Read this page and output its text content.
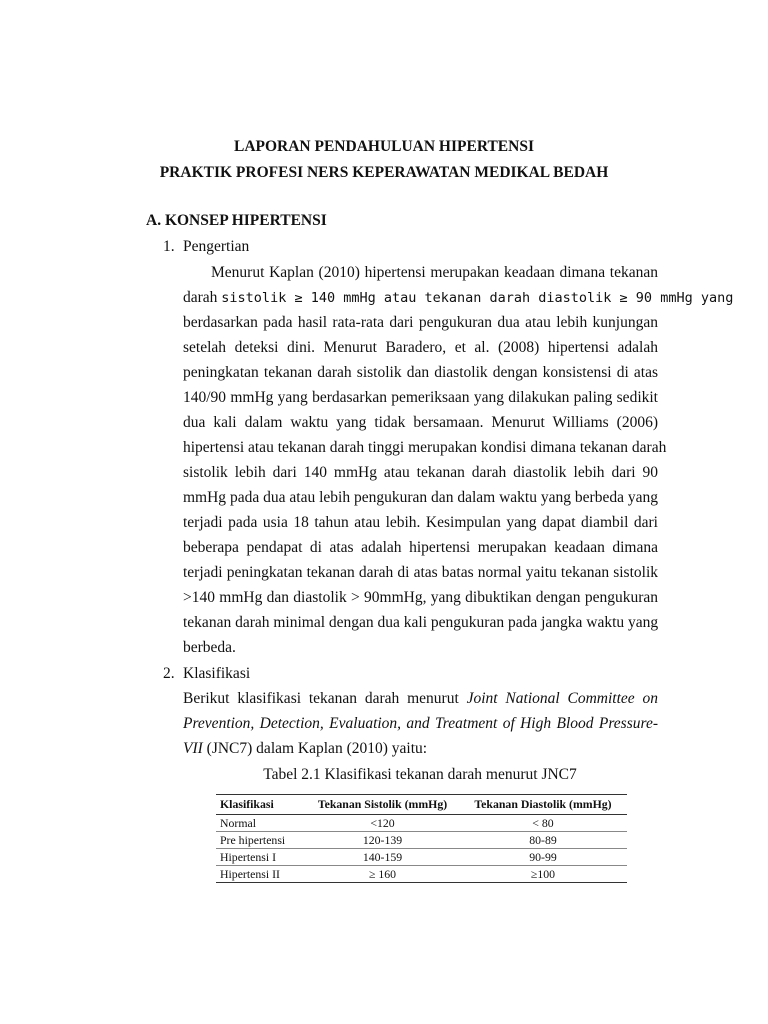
LAPORAN PENDAHULUAN HIPERTENSI
PRAKTIK PROFESI NERS KEPERAWATAN MEDIKAL BEDAH
A. KONSEP HIPERTENSI
1. Pengertian
Menurut Kaplan (2010) hipertensi merupakan keadaan dimana tekanan
darah sistolik ≥ 140 mmHg atau tekanan darah diastolik ≥ 90 mmHg yang
berdasarkan pada hasil rata-rata dari pengukuran dua atau lebih kunjungan
setelah deteksi dini. Menurut Baradero, et al. (2008) hipertensi adalah
peningkatan tekanan darah sistolik dan diastolik dengan konsistensi di atas
140/90 mmHg yang berdasarkan pemeriksaan yang dilakukan paling sedikit
dua kali dalam waktu yang tidak bersamaan. Menurut Williams (2006)
hipertensi atau tekanan darah tinggi merupakan kondisi dimana tekanan darah
sistolik lebih dari 140 mmHg atau tekanan darah diastolik lebih dari 90
mmHg pada dua atau lebih pengukuran dan dalam waktu yang berbeda yang
terjadi pada usia 18 tahun atau lebih. Kesimpulan yang dapat diambil dari
beberapa pendapat di atas adalah hipertensi merupakan keadaan dimana
terjadi peningkatan tekanan darah di atas batas normal yaitu tekanan sistolik
>140 mmHg dan diastolik > 90mmHg, yang dibuktikan dengan pengukuran
tekanan darah minimal dengan dua kali pengukuran pada jangka waktu yang
berbeda.
2. Klasifikasi
Berikut klasifikasi tekanan darah menurut Joint National Committee on
Prevention, Detection, Evaluation, and Treatment of High Blood Pressure-
VII (JNC7) dalam Kaplan (2010) yaitu:
Tabel 2.1 Klasifikasi tekanan darah menurut JNC7
Klasifikasi	Tekanan Sistolik (mmHg)	Tekanan Diastolik (mmHg)
Normal	<120	< 80
Pre hipertensi	120-139	80-89
Hipertensi I	140-159	90-99
Hipertensi II	≥ 160	≥100
